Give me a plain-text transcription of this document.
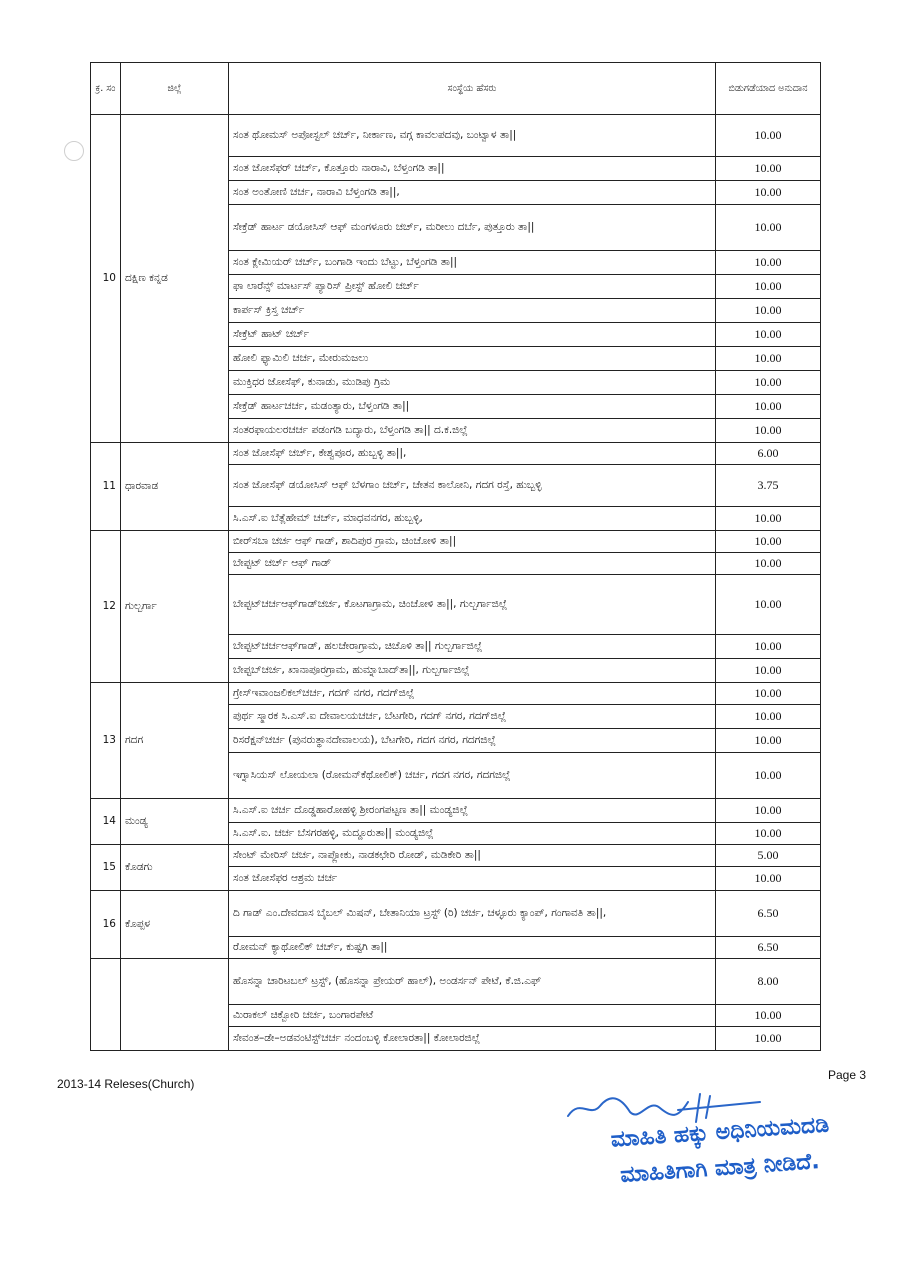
ಕ್ರ. ಸಂ	ಜಿಲ್ಲೆ	ಸಂಸ್ಥೆಯ ಹೆಸರು	ಬಿಡುಗಡೆಯಾದ ಅನುದಾನ
10	ದಕ್ಷಿಣ ಕನ್ನಡ	ಸಂತ ಥೋಮಸ್ ಅಪೋಸ್ಟಲ್ ಚರ್ಚ್, ನೀರ್ಕಾಣ, ವಗ್ಗ ಕಾವಲಪದವು, ಬಂಟ್ವಾಳ ತಾ||	10.00
		ಸಂತ ಜೋಸೆಫರ್ ಚರ್ಚ್, ಕೊತ್ತೂರು ನಾರಾವಿ, ಬೆಳ್ತಂಗಡಿ ತಾ||	10.00
		ಸಂತ ಅಂತೋಣಿ ಚರ್ಚ, ನಾರಾವಿ ಬೆಳ್ತಂಗಡಿ ತಾ||,	10.00
		ಸೇಕ್ರೆಡ್ ಹಾರ್ಟ ಡಯೋಸಿಸ್ ಆಫ್ ಮಂಗಳೂರು ಚರ್ಚ್, ಮರೀಲು ದರ್ಬೆ, ಪುತ್ತೂರು ತಾ||	10.00
		ಸಂತ ಕ್ಲೇಮಿಯರ್ ಚರ್ಚ್, ಬಂಗಾಡಿ ಇಂದು ಬೆಟ್ಟು, ಬೆಳ್ತಂಗಡಿ ತಾ||	10.00
		ಫಾ ಲಾರೆನ್ಸ್ ಮಾರ್ಟಸ್ ಪ್ಯಾರಿಸ್ ಪ್ರೀಸ್ಟ್ ಹೋಲಿ ಚರ್ಚ್	10.00
		ಕಾರ್ಪಸ್ ಕ್ರಿಸ್ತ ಚರ್ಚ್	10.00
		ಸೇಕ್ರೆಟ್ ಹಾಟ್ ಚರ್ಚ್	10.00
		ಹೋಲಿ ಫ್ಯಾಮಿಲಿ ಚರ್ಚ, ಮೇರುಮಜಲು	10.00
		ಮುಕ್ತಿಧರ ಜೋಸೆಫ್, ಕುನಾಡು, ಮುಡಿಪು ಗ್ರಿಮ	10.00
		ಸೇಕ್ರೆಡ್ ಹಾರ್ಟಚರ್ಚ, ಮಡಂತ್ಯಾರು, ಬೆಳ್ತಂಗಡಿ ತಾ||	10.00
		ಸಂತರಫಾಯಲರಚರ್ಚ ಪಡಂಗಡಿ ಬದ್ಯಾರು, ಬೆಳ್ತಂಗಡಿ ತಾ|| ದ.ಕ.ಜಿಲ್ಲೆ	10.00
11	ಧಾರವಾಡ	ಸಂತ ಜೋಸೆಫ್ ಚರ್ಚ್, ಕೇಶ್ವಪೂರ, ಹುಬ್ಬಳ್ಳಿ ತಾ||,	6.00
		ಸಂತ ಜೋಸೆಫ್ ಡಯೋಸಿಸ್ ಆಫ್ ಬೆಳಗಾಂ ಚರ್ಚ್, ಚೇತನ ಕಾಲೋನಿ, ಗದಗ ರಸ್ತೆ, ಹುಬ್ಬಳ್ಳಿ	3.75
		ಸಿ.ಎಸ್.ಐ ಬೆತ್ಲೆಹೇಮ್ ಚರ್ಚ್, ಮಾಧವನಗರ, ಹುಬ್ಬಳ್ಳಿ,	10.00
12	ಗುಲ್ಬರ್ಗಾ	ಬೀರ್‌ಸಬಾ ಚರ್ಚ ಆಫ್ ಗಾಡ್, ಶಾದಿಪುರ ಗ್ರಾಮ, ಚಿಂಚೋಳಿ ತಾ||	10.00
		ಬೇಪ್ಟಟ್ ಚರ್ಚ್ ಆಫ್ ಗಾಡ್	10.00
		ಬೇಪ್ಟಟ್‌ಚರ್ಚಆಫ್‌ಗಾಡ್‌ಚರ್ಚ, ಕೊಟಗಾಗ್ರಾಮ, ಚಿಂಚೋಳಿ ತಾ||, ಗುಲ್ಬರ್ಗಾಜಿಲ್ಲೆ	10.00
		ಬೇಪ್ಟಟ್‌ಚರ್ಚಆಫ್‌ಗಾಡ್, ಹಲಚೇರಾಗ್ರಾಮ, ಚಿಚೊಳಿ ತಾ|| ಗುಲ್ಬರ್ಗಾಜಿಲ್ಲೆ	10.00
		ಬೇಪ್ಟಬ್‌ಚರ್ಚ, ಖಾನಾಪೂರಗ್ರಾಮ, ಹುಮ್ನಾಬಾದ್‌ತಾ||, ಗುಲ್ಬರ್ಗಾಜಿಲ್ಲೆ	10.00
13	ಗದಗ	ಗ್ರೇಸ್‌ಇವಾಂಜಲಿಕಲ್‌ಚರ್ಚ, ಗದಗ್ ನಗರ, ಗದಗ್‌ಜಿಲ್ಲೆ	10.00
		ಪುರ್ಥ ಸ್ಮಾರಕ ಸಿ.ಎಸ್.ಐ ದೇವಾಲಯಚರ್ಚ, ಬೆಟಗೇರಿ, ಗದಗ್ ನಗರ, ಗದಗ್‌ಜಿಲ್ಲೆ	10.00
		ರಿಸರೆಕ್ಷನ್‌ಚರ್ಚ (ಪುನರುತ್ಥಾನದೇವಾಲಯ), ಬೆಟಗೇರಿ, ಗದಗ ನಗರ, ಗದಗಜಿಲ್ಲೆ	10.00
		ಇಗ್ನಾಸಿಯಸ್ ಲೋಯಲಾ (ರೋಮನ್‌ಕೆಥೋಲಿಕ್) ಚರ್ಚ, ಗದಗ ನಗರ, ಗದಗಜಿಲ್ಲೆ	10.00
14	ಮಂಡ್ಯ	ಸಿ.ಎಸ್.ಐ ಚರ್ಚ ದೊಡ್ಡಹಾರೋಹಳ್ಳಿ ಶ್ರೀರಂಗಪಟ್ಟಣ ತಾ|| ಮಂಡ್ಯಜಿಲ್ಲೆ	10.00
		ಸಿ.ಎಸ್.ಐ. ಚರ್ಚ ಬೆಸಗರಹಳ್ಳಿ, ಮದ್ದೂರುತಾ|| ಮಂಡ್ಯಜಿಲ್ಲೆ	10.00
15	ಕೊಡಗು	ಸೇಂಟ್ ಮೇರಿಸ್ ಚರ್ಚ, ನಾಪ್ಲೋಕು, ನಾಡಕಛೇರಿ ರೋಡ್, ಮಡಿಕೇರಿ ತಾ||	5.00
		ಸಂತ ಜೋಸೆಫರ ಆಶ್ರಮ ಚರ್ಚ	10.00
16	ಕೊಪ್ಪಳ	ದಿ ಗಾಡ್ ಎಂ.ದೇವದಾಸ ಬೈಬಲ್ ಮಿಷನ್, ಬೇತಾನಿಯಾ ಟ್ರಸ್ಟ್ (ರಿ) ಚರ್ಚ, ಚಳ್ಳೂರು ಕ್ಯಾಂಪ್, ಗಂಗಾವತಿ ತಾ||,	6.50
		ರೋಮನ್ ಕ್ಯಾಥೋಲಿಕ್ ಚರ್ಚ್, ಕುಷ್ಟಗಿ ತಾ||	6.50
		ಹೊಸನ್ನಾ ಚಾರಿಟಬಲ್ ಟ್ರಸ್ಟ್, (ಹೊಸನ್ನಾ ಪ್ರೇಯರ್ ಹಾಲ್), ಅಂಡರ್ಸನ್ ಪೇಟೆ, ಕೆ.ಜಿ.ಎಫ್	8.00
		ಮಿರಾಕಲ್ ಚಿಕ್ಬೋರಿ ಚರ್ಚ, ಬಂಗಾರಪೇಟೆ	10.00
		ಸೇವಂತ–ಡೇ–ಅಡವಂಟಿಸ್ಟ್‌ಚರ್ಚ ನಂದಂಬಳ್ಳಿ ಕೋಲಾರತಾ|| ಕೋಲಾರಜಿಲ್ಲೆ	10.00
2013-14 Releses(Church)
Page 3
ಮಾಹಿತಿ ಹಕ್ಕು ಅಧಿನಿಯಮದಡಿ
ಮಾಹಿತಿಗಾಗಿ ಮಾತ್ರ ನೀಡಿದೆ.
